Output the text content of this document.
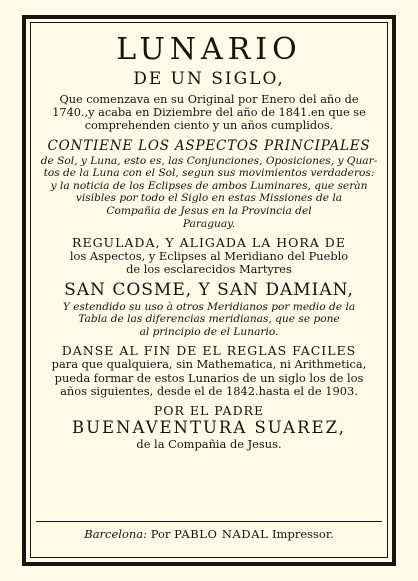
LUNARIO
DE UN SIGLO,
Que comenzava en su Original por Enero del año de
1740.,y acaba en Diziembre del año de 1841.en que se
comprehenden ciento y un años cumplidos.
CONTIENE LOS ASPECTOS PRINCIPALES
de Sol, y Luna, esto es, las Conjunciones, Oposiciones, y Quar-
tos de la Luna con el Sol, segun sus movimientos verdaderos:
y la noticia de los Eclipses de ambos Luminares, que seràn
visibles por todo el Siglo en estas Missiones de la
Compañia de Jesus en la Provincia del
Paraguay.
REGULADA, Y ALIGADA LA HORA DE
los Aspectos, y Eclipses al Meridiano del Pueblo
de los esclarecidos Martyres
SAN COSME, Y SAN DAMIAN,
Y estendido su uso à otros Meridianos por medio de la
Tabla de las diferencias meridianas, que se pone
al principio de el Lunario.
DANSE AL FIN DE EL REGLAS FACILES
para que qualquiera, sin Mathematica, ni Arithmetica,
pueda formar de estos Lunarios de un siglo los de los
años siguientes, desde el de 1842.hasta el de 1903.
POR EL PADRE
BUENAVENTURA SUAREZ,
de la Compañia de Jesus.
Barcelona: Por PABLO NADAL Impressor.
